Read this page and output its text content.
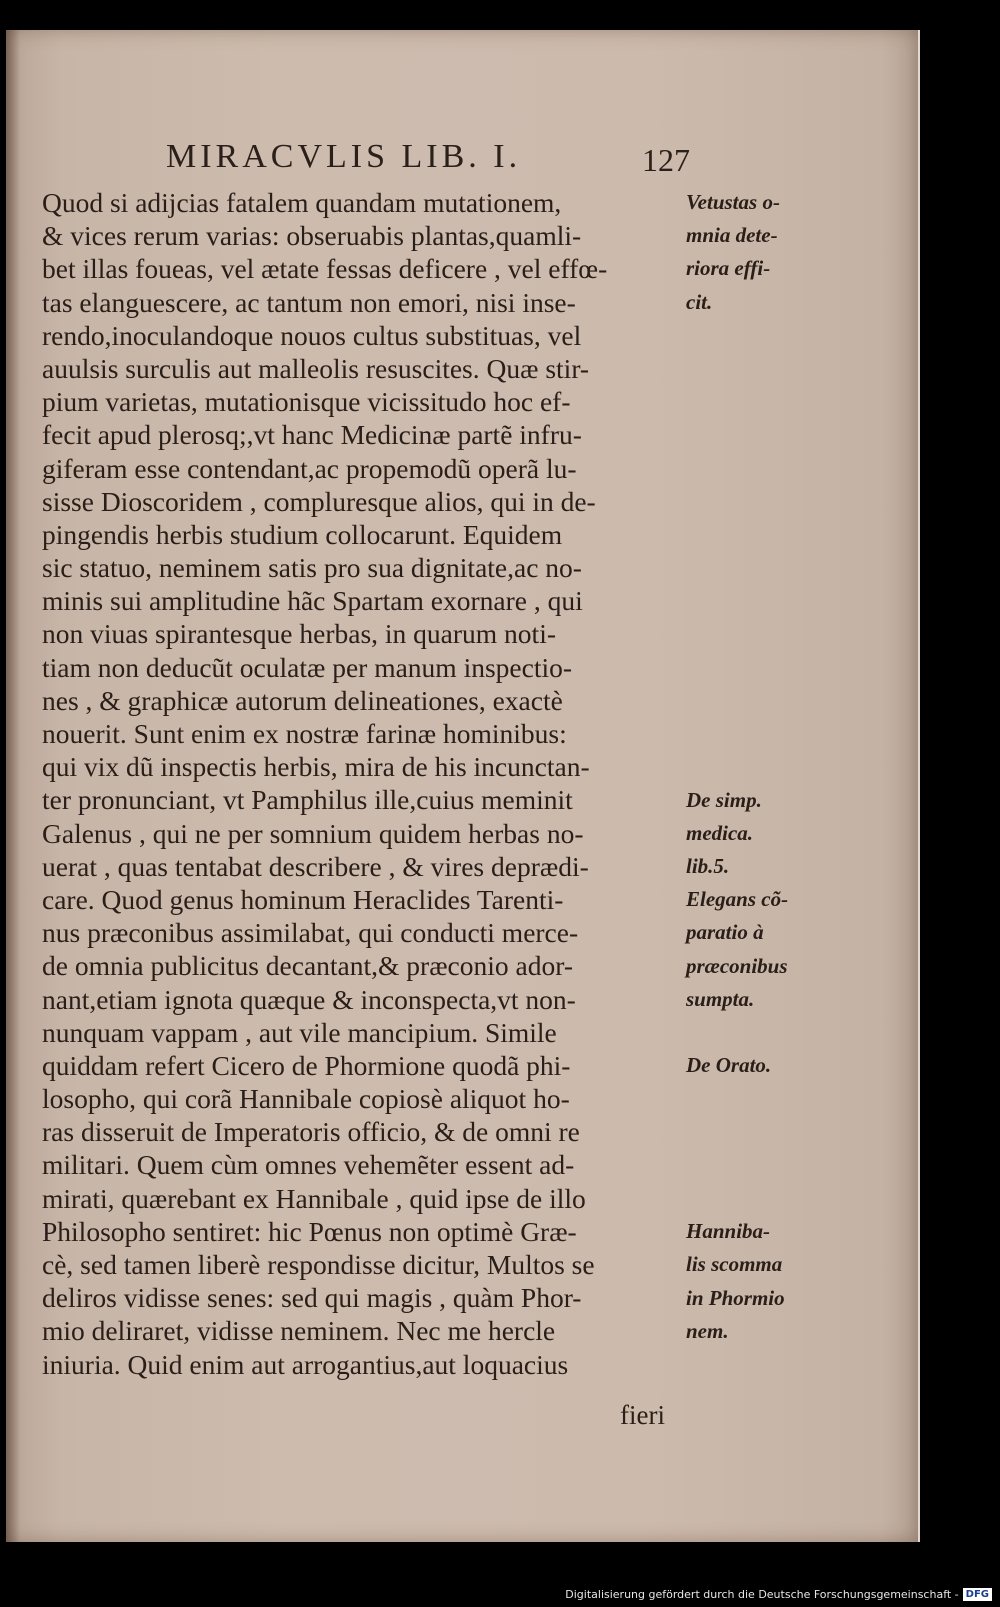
MIRACVLIS LIB. I.	127
Quod si adijcias fatalem quandam mutationem,
& vices rerum varias: obseruabis plantas,quamli-
bet illas foueas, vel ætate fessas deficere , vel effœ-
tas elanguescere, ac tantum non emori, nisi inse-
rendo,inoculandoque nouos cultus substituas, vel
auulsis surculis aut malleolis resuscites. Quæ stir-
pium varietas, mutationisque vicissitudo hoc ef-
fecit apud plerosq;,vt hanc Medicinæ partẽ infru-
giferam esse contendant,ac propemodũ operã lu-
sisse Dioscoridem , compluresque alios, qui in de-
pingendis herbis studium collocarunt. Equidem
sic statuo, neminem satis pro sua dignitate,ac no-
minis sui amplitudine hãc Spartam exornare , qui
non viuas spirantesque herbas, in quarum noti-
tiam non deducũt oculatæ per manum inspectio-
nes , & graphicæ autorum delineationes, exactè
nouerit. Sunt enim ex nostræ farinæ hominibus:
qui vix dũ inspectis herbis, mira de his incunctan-
ter pronunciant, vt Pamphilus ille,cuius meminit
Galenus , qui ne per somnium quidem herbas no-
uerat , quas tentabat describere , & vires deprædi-
care. Quod genus hominum Heraclides Tarenti-
nus præconibus assimilabat, qui conducti merce-
de omnia publicitus decantant,& præconio ador-
nant,etiam ignota quæque & inconspecta,vt non-
nunquam vappam , aut vile mancipium. Simile
quiddam refert Cicero de Phormione quodã phi-
losopho, qui corã Hannibale copiosè aliquot ho-
ras disseruit de Imperatoris officio, & de omni re
militari. Quem cùm omnes vehemẽter essent ad-
mirati, quærebant ex Hannibale , quid ipse de illo
Philosopho sentiret: hic Pœnus non optimè Græ-
cè, sed tamen liberè respondisse dicitur, Multos se
deliros vidisse senes: sed qui magis , quàm Phor-
mio deliraret, vidisse neminem. Nec me hercle
iniuria. Quid enim aut arrogantius,aut loquacius
Vetustas o-
mnia dete-
riora effi-
cit.
De simp.
medica.
lib.5.
Elegans cõ-
paratio à
præconibus
sumpta.
De Orato.
Hanniba-
lis scomma
in Phormio
nem.
fieri
Digitalisierung gefördert durch die Deutsche Forschungsgemeinschaft - DFG
